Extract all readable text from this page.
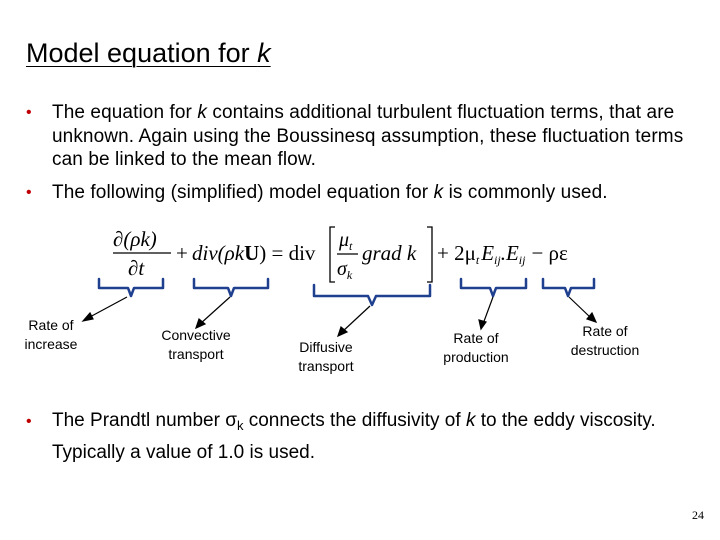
Model equation for k
• The equation for k contains additional turbulent fluctuation terms, that are unknown. Again using the Boussinesq assumption, these fluctuation terms can be linked to the mean flow.
• The following (simplified) model equation for k is commonly used.
∂(ρk)
∂t
+ div(ρkU) = div
$\mu_t$
$\sigma_k$
grad k + 2μtEij.Eij − ρε
Rate of
increase
Convective
transport	Diffusive
transport
Rate of
production
Rate of
destruction

• The Prandtl number $\sigma_k$ connects the diffusivity of k to the eddy viscosity. Typically a value of 1.0 is used.

24
